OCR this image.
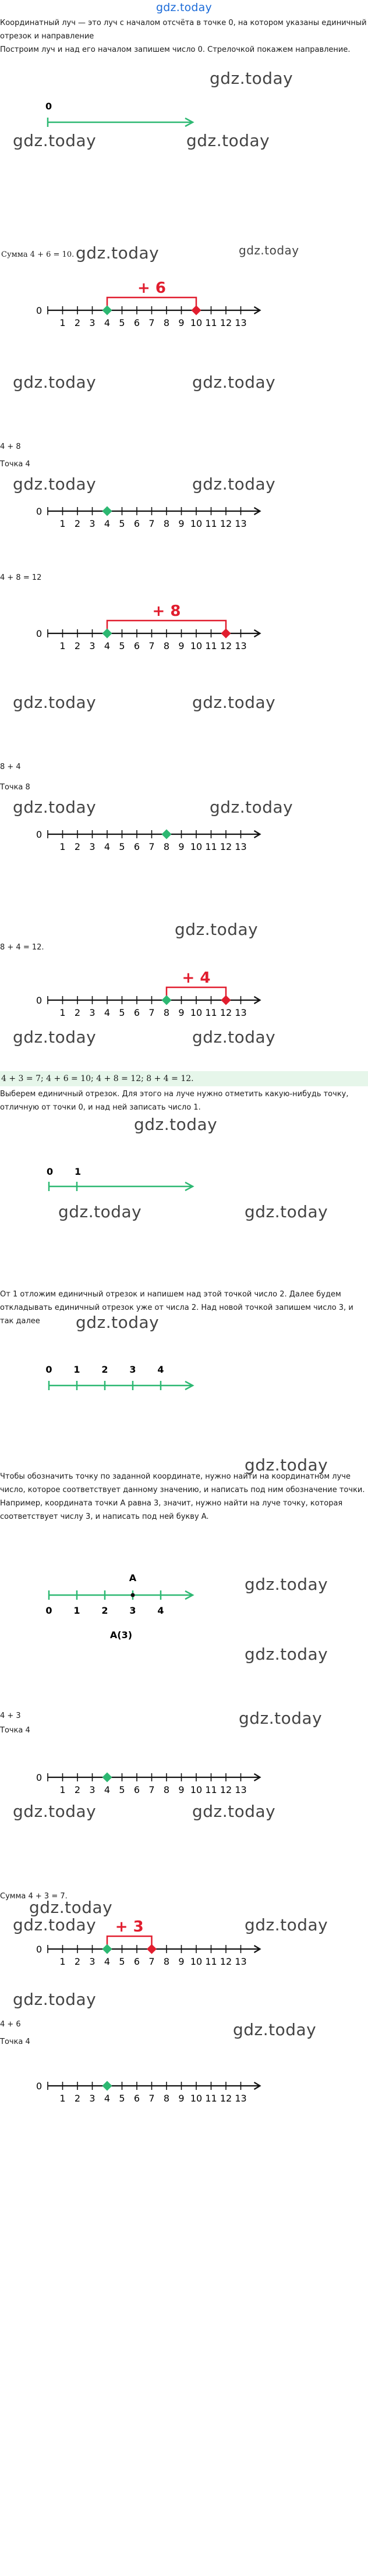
gdz.today

Координатный луч — это луч с началом отсчёта в точке 0, на котором указаны единичный отрезок и направление
Построим луч и над его началом запишем число 0. Стрелочкой покажем направление.

0
Сумма 4 + 6 = 10.
0
1 2 3 4 5 6 7 8 9 10 11 12 13
+ 6
4 + 8
Точка 4
0
1 2 3 4 5 6 7 8 9 10 11 12 13
4 + 8 = 12
0
1 2 3 4 5 6 7 8 9 10 11 12 13
+ 8
8 + 4
Точка 8
0
1 2 3 4 5 6 7 8 9 10 11 12 13
8 + 4 = 12.
0
1 2 3 4 5 6 7 8 9 10 11 12 13
+ 4
4 + 3 = 7; 4 + 6 = 10; 4 + 8 = 12; 8 + 4 = 12.

Выберем единичный отрезок. Для этого на луче нужно отметить какую-нибудь точку, отличную от точки 0, и над ней записать число 1.

0 1

От 1 отложим единичный отрезок и напишем над этой точкой число 2. Далее будем откладывать единичный отрезок уже от числа 2. Над новой точкой запишем число 3, и так далее

0 1 2 3 4

Чтобы обозначить точку по заданной координате, нужно найти на координатном луче число, которое соответствует данному значению, и написать под ним обозначение точки.
Например, координата точки A равна 3, значит, нужно найти на луче точку, которая соответствует числу 3, и написать под ней букву A.

0 1 2 3 4
A
A(3)
4 + 3
Точка 4
0
1 2 3 4 5 6 7 8 9 10 11 12 13
Сумма 4 + 3 = 7.
0
1 2 3 4 5 6 7 8 9 10 11 12 13
+ 3
4 + 6
Точка 4
0
1 2 3 4 5 6 7 8 9 10 11 12 13
gdz.today
gdz.today	gdz.today
gdz.today	gdz.today
gdz.today	gdz.today
gdz.today	gdz.today
gdz.today	gdz.today
gdz.today	gdz.today
gdz.today
gdz.today	gdz.today
gdz.today
gdz.today	gdz.today
gdz.today
gdz.today
gdz.today
gdz.today
gdz.today
gdz.today	gdz.today
gdz.today
gdz.today	gdz.today
gdz.today
gdz.today
